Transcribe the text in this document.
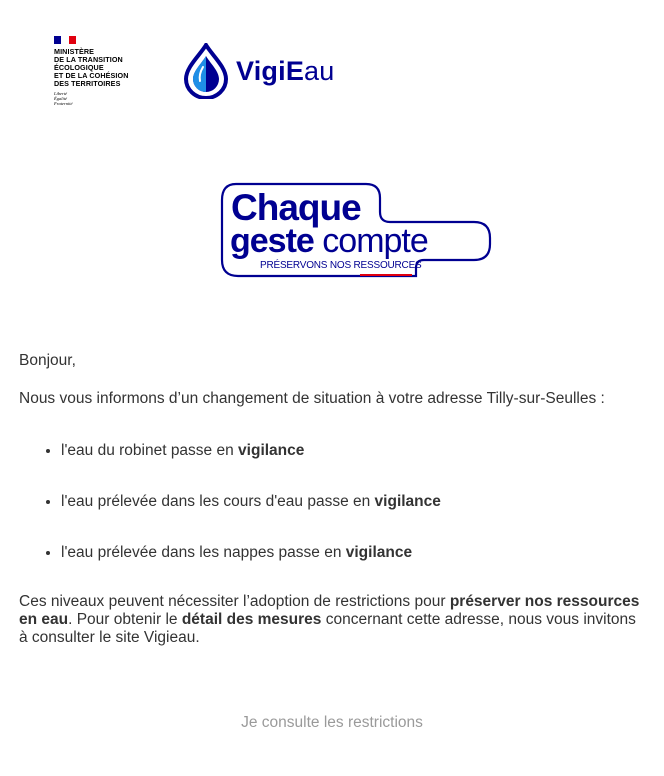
MINISTÈRE
DE LA TRANSITION
ÉCOLOGIQUE
ET DE LA COHÉSION
DES TERRITOIRES
Liberté
Égalité
Fraternité
VigiEau
Chaque
geste compte
PRÉSERVONS NOS RESSOURCES

Bonjour,

Nous vous informons d’un changement de situation à votre adresse Tilly-sur-Seulles :

• l'eau du robinet passe en vigilance
• l'eau prélevée dans les cours d'eau passe en vigilance
• l'eau prélevée dans les nappes passe en vigilance

Ces niveaux peuvent nécessiter l’adoption de restrictions pour préserver nos ressources en eau. Pour obtenir le détail des mesures concernant cette adresse, nous vous invitons à consulter le site Vigieau.

Je consulte les restrictions
